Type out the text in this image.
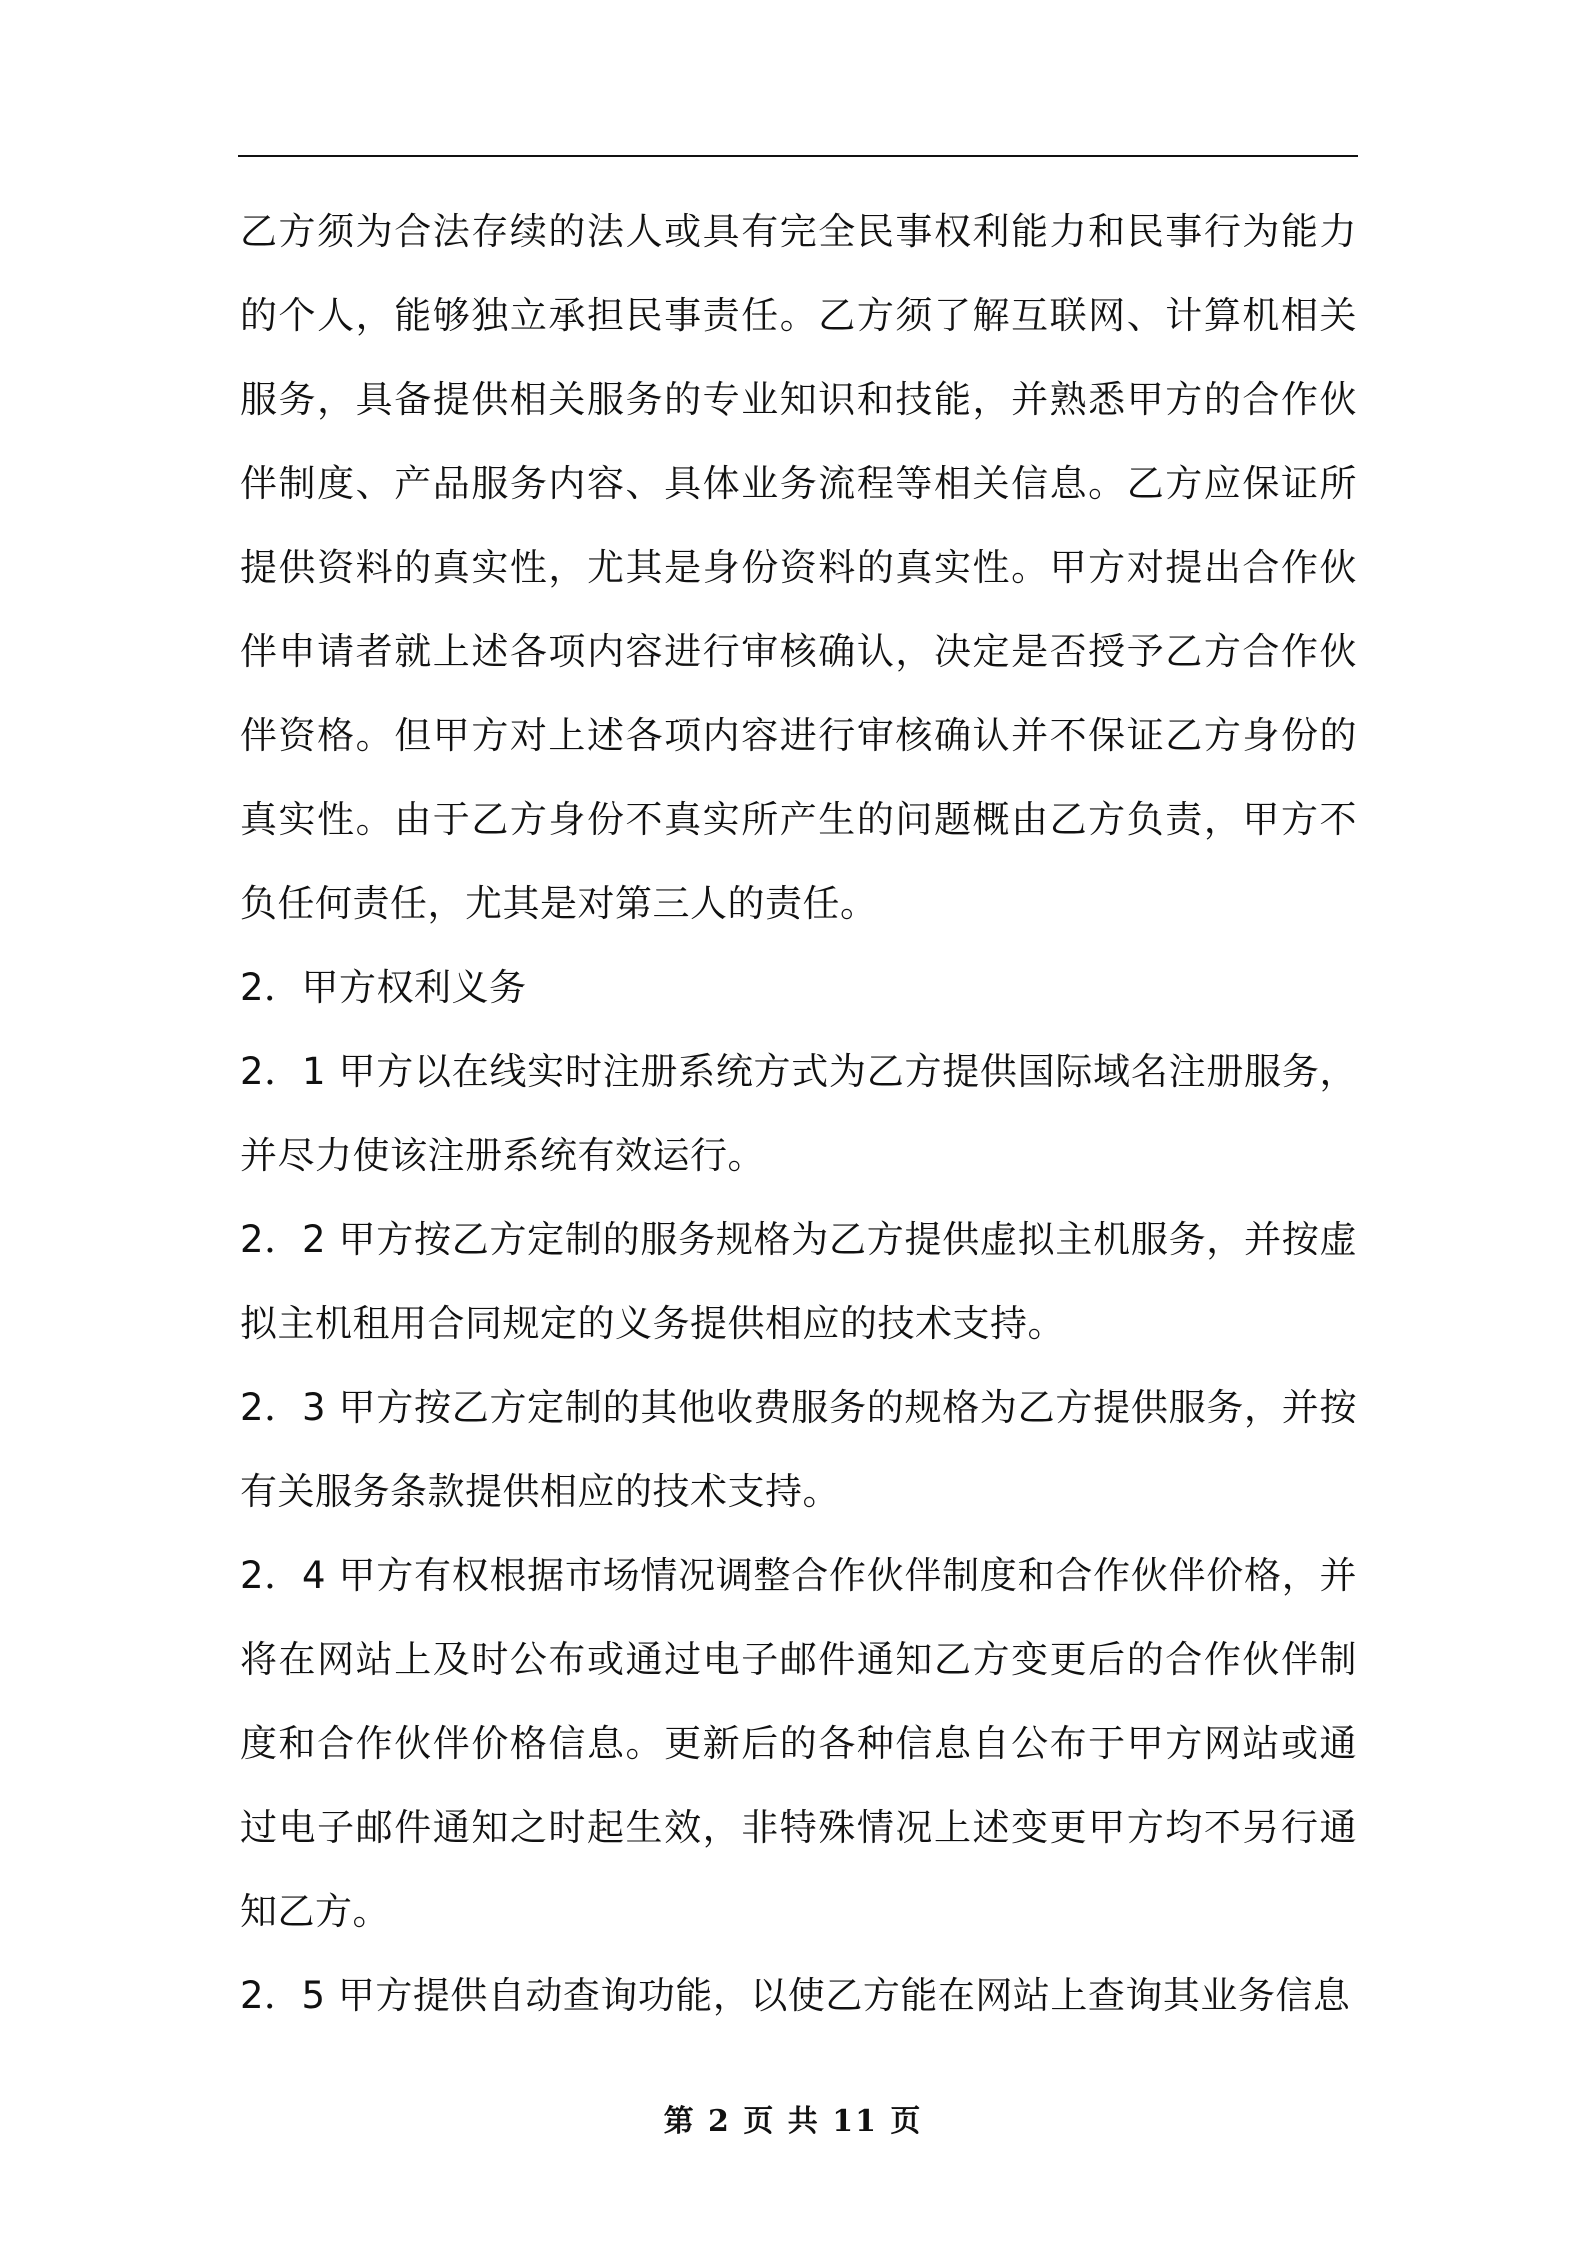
乙方须为合法存续的法人或具有完全民事权利能力和民事行为能力的个人，能够独立承担民事责任。乙方须了解互联网、计算机相关服务，具备提供相关服务的专业知识和技能，并熟悉甲方的合作伙伴制度、产品服务内容、具体业务流程等相关信息。乙方应保证所提供资料的真实性，尤其是身份资料的真实性。甲方对提出合作伙伴申请者就上述各项内容进行审核确认，决定是否授予乙方合作伙伴资格。但甲方对上述各项内容进行审核确认并不保证乙方身份的真实性。由于乙方身份不真实所产生的问题概由乙方负责，甲方不负任何责任，尤其是对第三人的责任。

2．甲方权利义务

2．1 甲方以在线实时注册系统方式为乙方提供国际域名注册服务，并尽力使该注册系统有效运行。

2．2 甲方按乙方定制的服务规格为乙方提供虚拟主机服务，并按虚拟主机租用合同规定的义务提供相应的技术支持。

2．3 甲方按乙方定制的其他收费服务的规格为乙方提供服务，并按有关服务条款提供相应的技术支持。

2．4 甲方有权根据市场情况调整合作伙伴制度和合作伙伴价格，并将在网站上及时公布或通过电子邮件通知乙方变更后的合作伙伴制度和合作伙伴价格信息。更新后的各种信息自公布于甲方网站或通过电子邮件通知之时起生效，非特殊情况上述变更甲方均不另行通知乙方。

2．5 甲方提供自动查询功能，以使乙方能在网站上查询其业务信息

第 2 页 共 11 页
